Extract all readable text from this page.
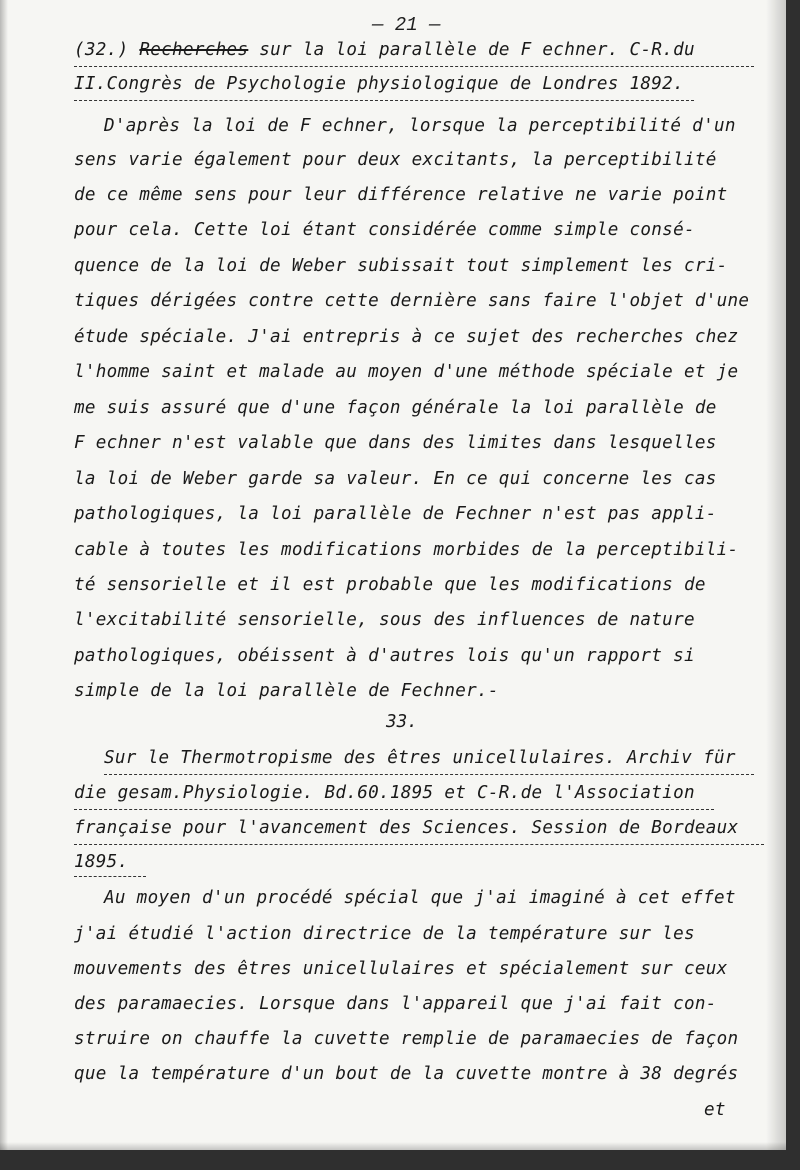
— 21 —
(32.) Recherches sur la loi parallèle de F echner. C-R.du
II.Congrès de Psychologie physiologique de Londres 1892.
D'après la loi de F echner, lorsque la perceptibilité d'un
sens varie également pour deux excitants, la perceptibilité
de ce même sens pour leur différence relative ne varie point
pour cela. Cette loi étant considérée comme simple consé-
quence de la loi de Weber subissait tout simplement les cri-
tiques dérigées contre cette dernière sans faire l'objet d'une
étude spéciale. J'ai entrepris à ce sujet des recherches chez
l'homme saint et malade au moyen d'une méthode spéciale et je
me suis assuré que d'une façon générale la loi parallèle de
F echner n'est valable que dans des limites dans lesquelles
la loi de Weber garde sa valeur. En ce qui concerne les cas
pathologiques, la loi parallèle de Fechner n'est pas appli-
cable à toutes les modifications morbides de la perceptibili-
té sensorielle et il est probable que les modifications de
l'excitabilité sensorielle, sous des influences de nature
pathologiques, obéissent à d'autres lois qu'un rapport si
simple de la loi parallèle de Fechner.-
33.
Sur le Thermotropisme des êtres unicellulaires. Archiv für
die gesam.Physiologie. Bd.60.1895 et C-R.de l'Association
française pour l'avancement des Sciences. Session de Bordeaux
1895.
Au moyen d'un procédé spécial que j'ai imaginé à cet effet
j'ai étudié l'action directrice de la température sur les
mouvements des êtres unicellulaires et spécialement sur ceux
des paramaecies. Lorsque dans l'appareil que j'ai fait con-
struire on chauffe la cuvette remplie de paramaecies de façon
que la température d'un bout de la cuvette montre à 38 degrés
et
